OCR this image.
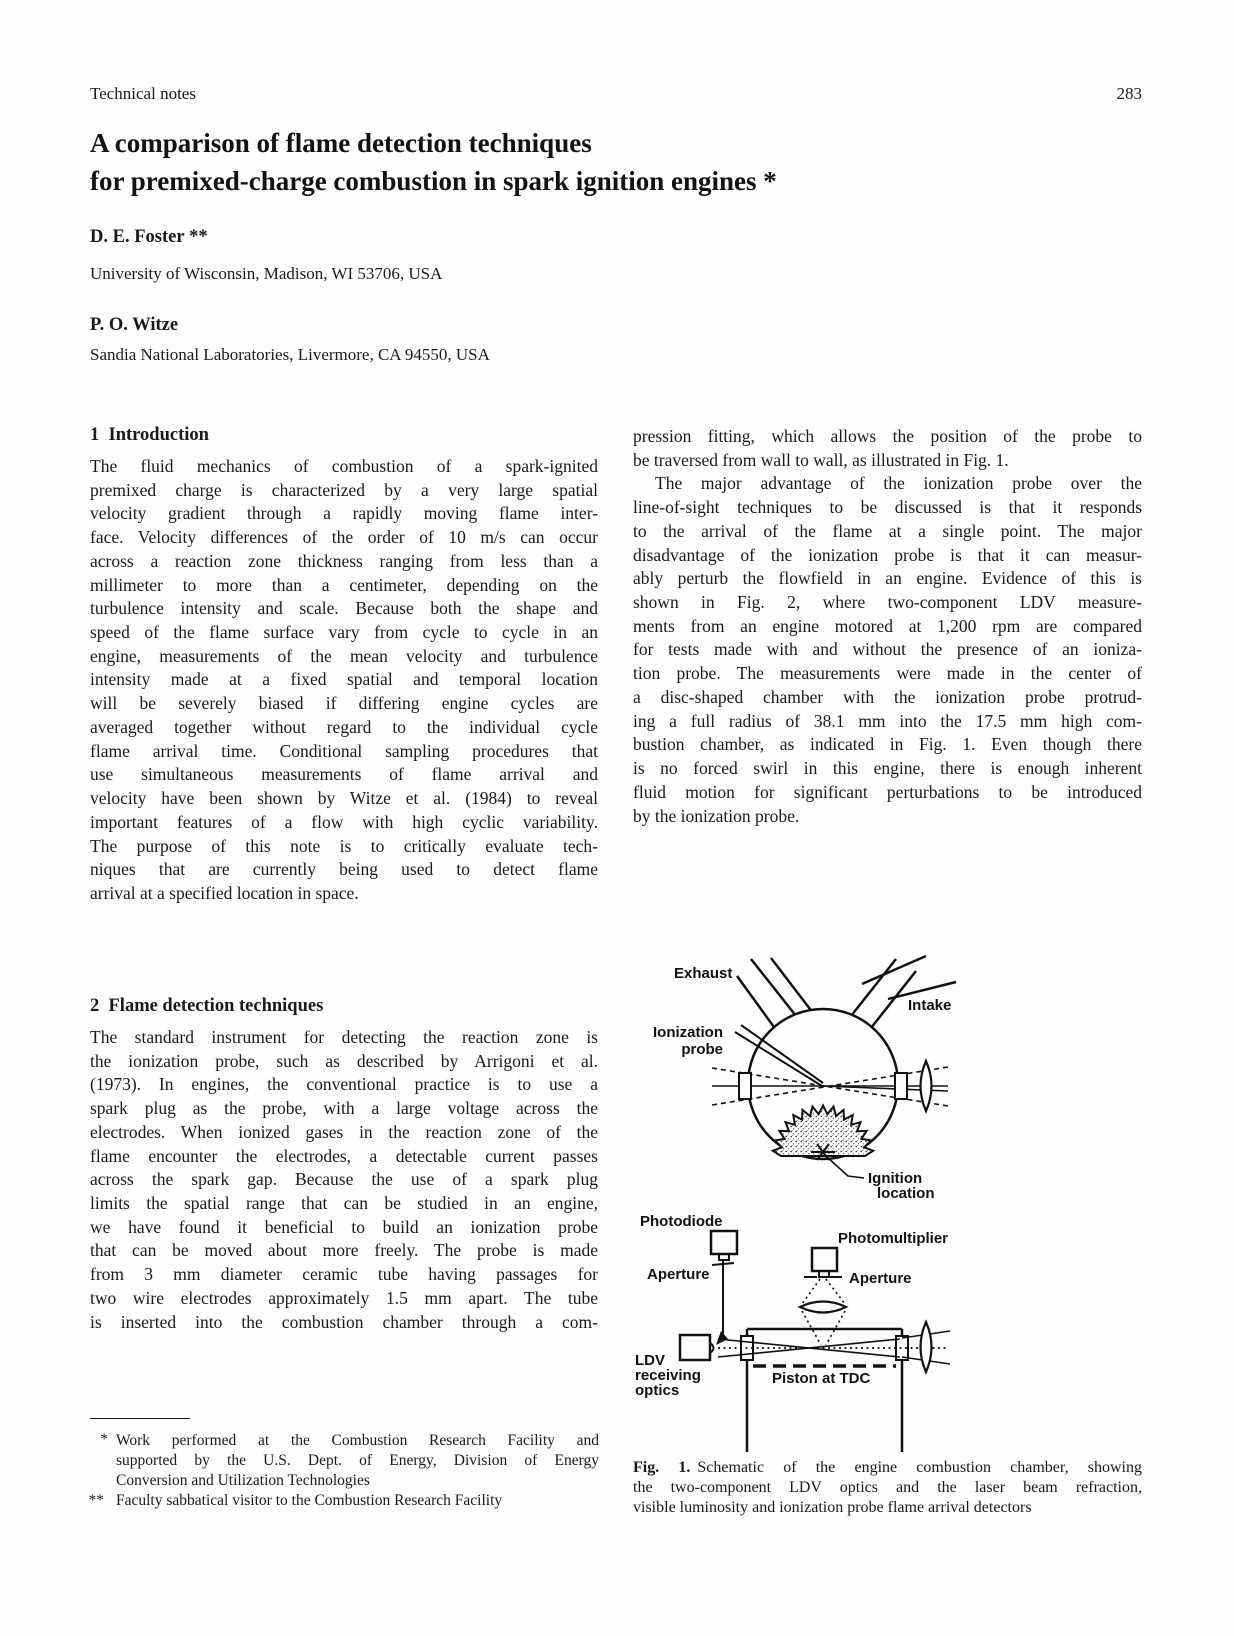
Technical notes	283
A comparison of flame detection techniques
for premixed-charge combustion in spark ignition engines *
D. E. Foster **
University of Wisconsin, Madison, WI 53706, USA
P. O. Witze
Sandia National Laboratories, Livermore, CA 94550, USA
1  Introduction
The fluid mechanics of combustion of a spark-ignited
premixed charge is characterized by a very large spatial
velocity gradient through a rapidly moving flame inter-
face. Velocity differences of the order of 10 m/s can occur
across a reaction zone thickness ranging from less than a
millimeter to more than a centimeter, depending on the
turbulence intensity and scale. Because both the shape and
speed of the flame surface vary from cycle to cycle in an
engine, measurements of the mean velocity and turbulence
intensity made at a fixed spatial and temporal location
will be severely biased if differing engine cycles are
averaged together without regard to the individual cycle
flame arrival time. Conditional sampling procedures that
use simultaneous measurements of flame arrival and
velocity have been shown by Witze et al. (1984) to reveal
important features of a flow with high cyclic variability.
The purpose of this note is to critically evaluate tech-
niques that are currently being used to detect flame
arrival at a specified location in space.
2  Flame detection techniques
The standard instrument for detecting the reaction zone is
the ionization probe, such as described by Arrigoni et al.
(1973). In engines, the conventional practice is to use a
spark plug as the probe, with a large voltage across the
electrodes. When ionized gases in the reaction zone of the
flame encounter the electrodes, a detectable current passes
across the spark gap. Because the use of a spark plug
limits the spatial range that can be studied in an engine,
we have found it beneficial to build an ionization probe
that can be moved about more freely. The probe is made
from 3 mm diameter ceramic tube having passages for
two wire electrodes approximately 1.5 mm apart. The tube
is inserted into the combustion chamber through a com-
* Work performed at the Combustion Research Facility and
supported by the U.S. Dept. of Energy, Division of Energy
Conversion and Utilization Technologies
** Faculty sabbatical visitor to the Combustion Research Facility
pression fitting, which allows the position of the probe to
be traversed from wall to wall, as illustrated in Fig. 1.
The major advantage of the ionization probe over the
line-of-sight techniques to be discussed is that it responds
to the arrival of the flame at a single point. The major
disadvantage of the ionization probe is that it can measur-
ably perturb the flowfield in an engine. Evidence of this is
shown in Fig. 2, where two-component LDV measure-
ments from an engine motored at 1,200 rpm are compared
for tests made with and without the presence of an ioniza-
tion probe. The measurements were made in the center of
a disc-shaped chamber with the ionization probe protrud-
ing a full radius of 38.1 mm into the 17.5 mm high com-
bustion chamber, as indicated in Fig. 1. Even though there
is no forced swirl in this engine, there is enough inherent
fluid motion for significant perturbations to be introduced
by the ionization probe.
Exhaust
Intake
Ionization
probe
Ignition
location
Photodiode
Aperture
Photomultiplier
Aperture
LDV
receiving
optics
Piston at TDC
Fig. 1. Schematic of the engine combustion chamber, showing
the two-component LDV optics and the laser beam refraction,
visible luminosity and ionization probe flame arrival detectors
